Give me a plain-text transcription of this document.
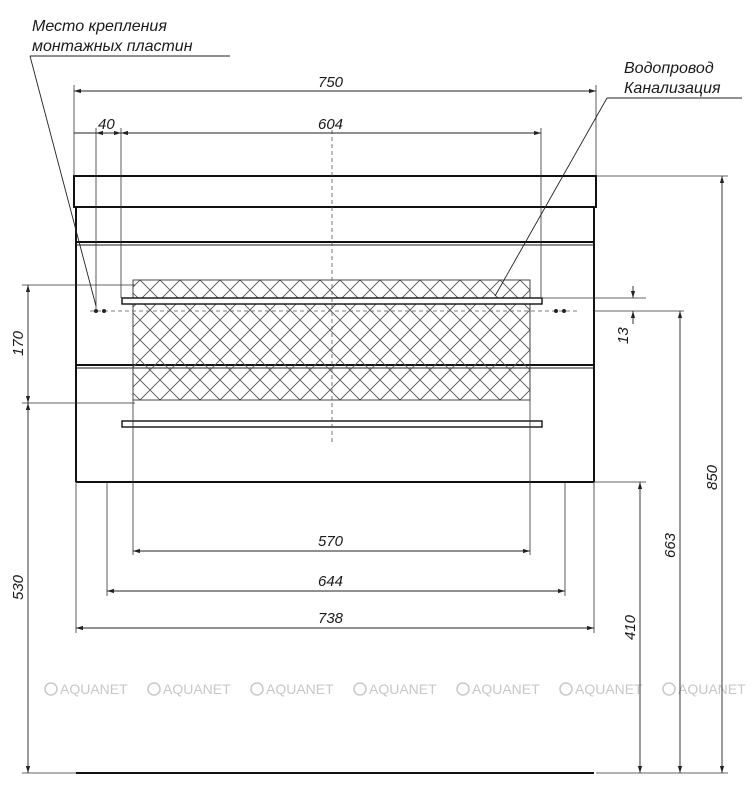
AQUANET	AQUANET	AQUANET	AQUANET	AQUANET	AQUANET	AQUANET
750
40	604
570
644
738
170
530
13
850
663
410
Место крепления
монтажных пластин
Водопровод
Канализация
